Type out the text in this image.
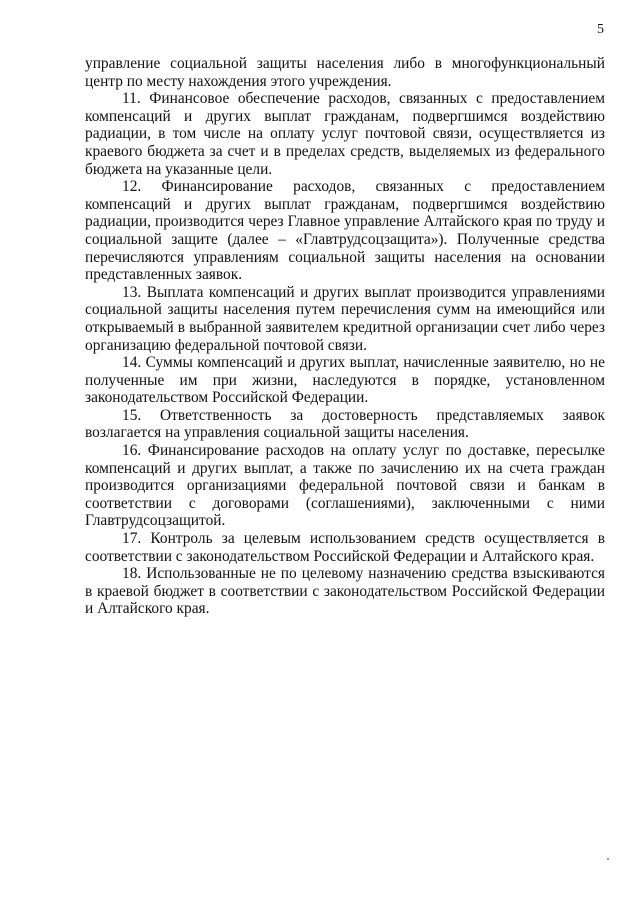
5

управление социальной защиты населения либо в многофункциональный центр по месту нахождения этого учреждения.

11. Финансовое обеспечение расходов, связанных с предоставлением компенсаций и других выплат гражданам, подвергшимся воздействию радиации, в том числе на оплату услуг почтовой связи, осуществляется из краевого бюджета за счет и в пределах средств, выделяемых из федерального бюджета на указанные цели.

12. Финансирование расходов, связанных с предоставлением компенсаций и других выплат гражданам, подвергшимся воздействию радиации, производится через Главное управление Алтайского края по труду и социальной защите (далее – «Главтрудсоцзащита»). Полученные средства перечисляются управлениям социальной защиты населения на основании представленных заявок.

13. Выплата компенсаций и других выплат производится управлениями социальной защиты населения путем перечисления сумм на имеющийся или открываемый в выбранной заявителем кредитной организации счет либо через организацию федеральной почтовой связи.

14. Суммы компенсаций и других выплат, начисленные заявителю, но не полученные им при жизни, наследуются в порядке, установленном законодательством Российской Федерации.

15. Ответственность за достоверность представляемых заявок возлагается на управления социальной защиты населения.

16. Финансирование расходов на оплату услуг по доставке, пересылке компенсаций и других выплат, а также по зачислению их на счета граждан производится организациями федеральной почтовой связи и банкам в соответствии с договорами (соглашениями), заключенными с ними Главтрудсоцзащитой.

17. Контроль за целевым использованием средств осуществляется в соответствии с законодательством Российской Федерации и Алтайского края.

18. Использованные не по целевому назначению средства взыскиваются в краевой бюджет в соответствии с законодательством Российской Федерации и Алтайского края.
